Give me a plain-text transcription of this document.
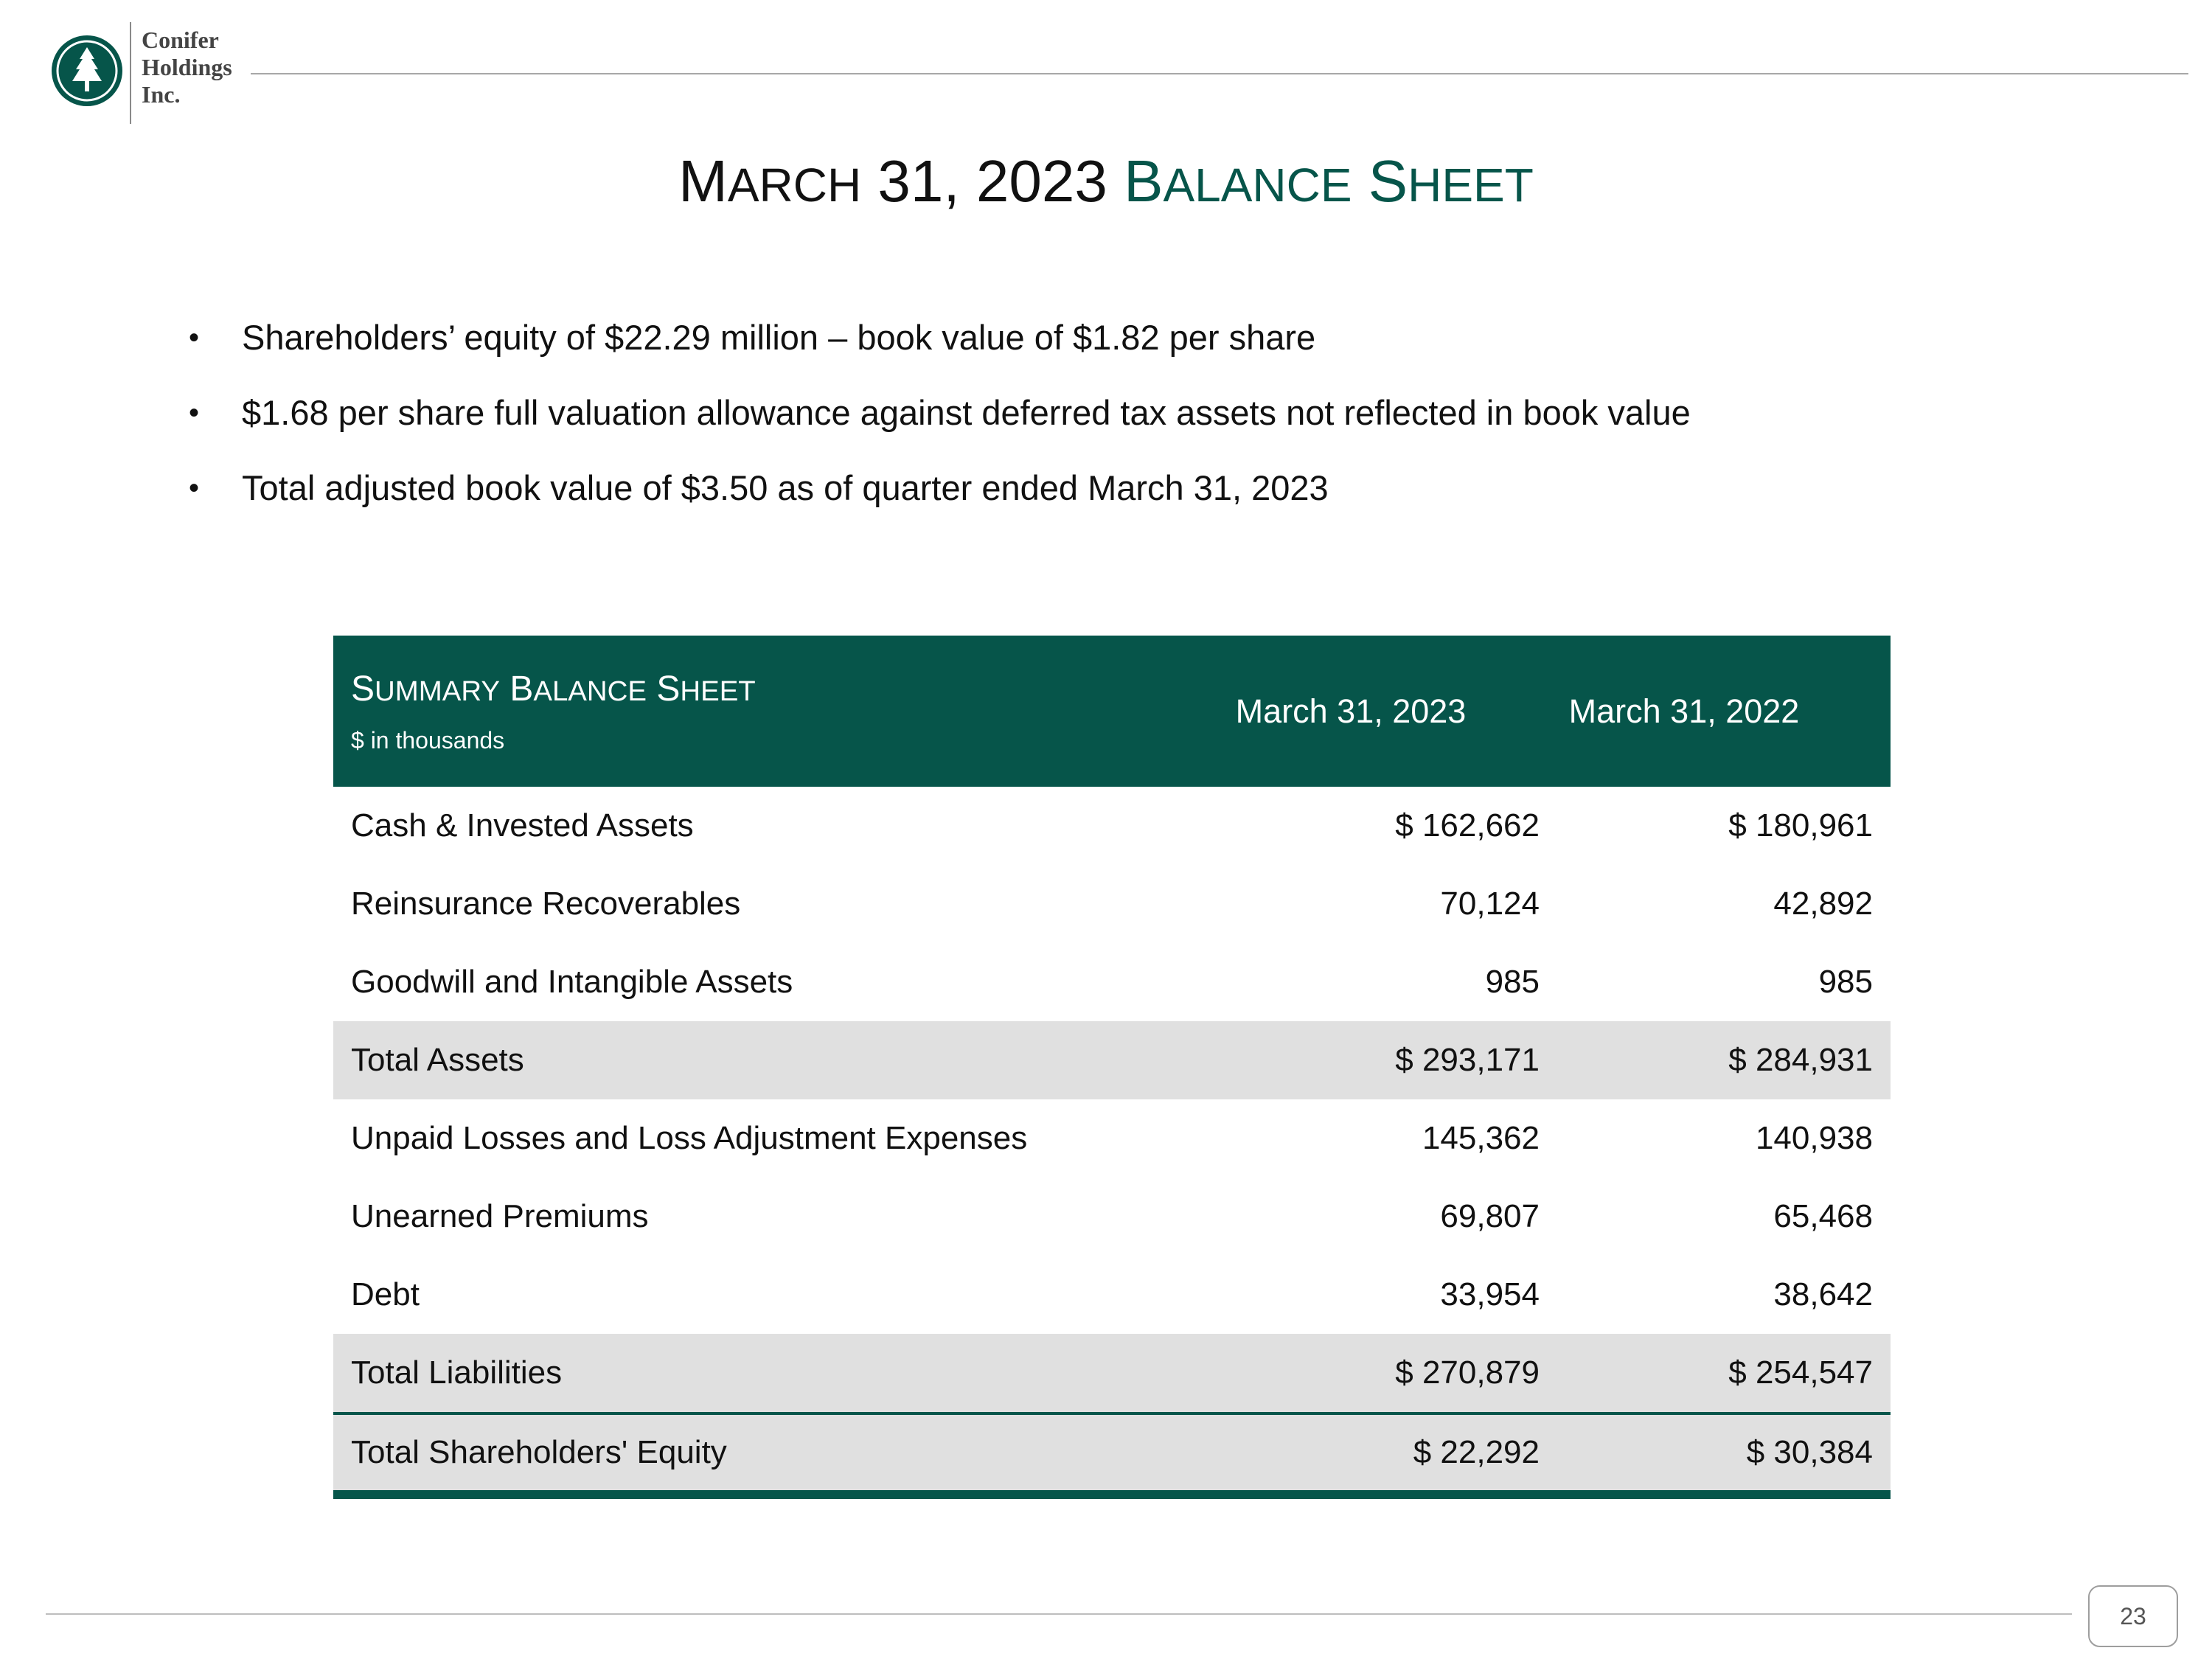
Conifer
Holdings
Inc.
MARCH 31, 2023 BALANCE SHEET
• Shareholders’ equity of $22.29 million – book value of $1.82 per share
• $1.68 per share full valuation allowance against deferred tax assets not reflected in book value
• Total adjusted book value of $3.50 as of quarter ended March 31, 2023
SUMMARY BALANCE SHEET
$ in thousands
March 31, 2023	March 31, 2022
Cash & Invested Assets	$ 162,662	$ 180,961
Reinsurance Recoverables	70,124	42,892
Goodwill and Intangible Assets	985	985
Total Assets	$ 293,171	$ 284,931
Unpaid Losses and Loss Adjustment Expenses	145,362	140,938
Unearned Premiums	69,807	65,468
Debt	33,954	38,642
Total Liabilities	$ 270,879	$ 254,547
Total Shareholders' Equity	$ 22,292	$ 30,384
23
